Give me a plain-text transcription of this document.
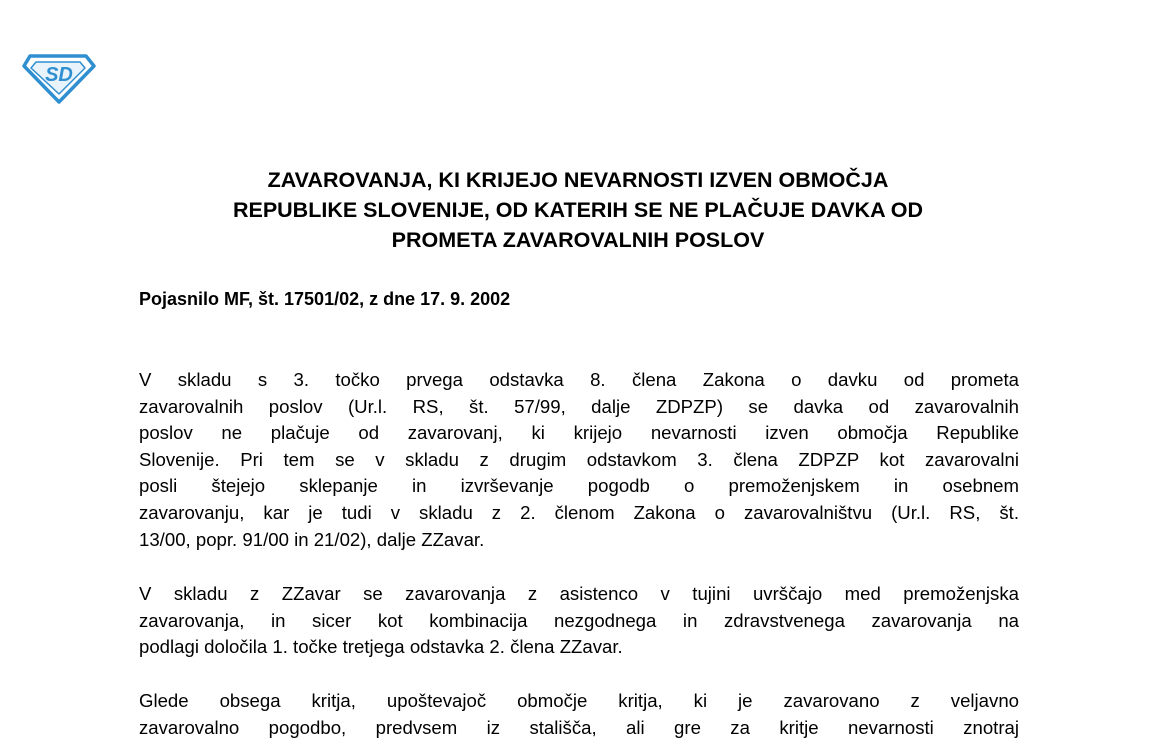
SD
ZAVAROVANJA, KI KRIJEJO NEVARNOSTI IZVEN OBMOČJA
REPUBLIKE SLOVENIJE, OD KATERIH SE NE PLAČUJE DAVKA OD
PROMETA ZAVAROVALNIH POSLOV

Pojasnilo MF, št. 17501/02, z dne 17. 9. 2002

V skladu s 3. točko prvega odstavka 8. člena Zakona o davku od prometa
zavarovalnih poslov (Ur.l. RS, št. 57/99, dalje ZDPZP) se davka od zavarovalnih
poslov ne plačuje od zavarovanj, ki krijejo nevarnosti izven območja Republike
Slovenije. Pri tem se v skladu z drugim odstavkom 3. člena ZDPZP kot zavarovalni
posli štejejo sklepanje in izvrševanje pogodb o premoženjskem in osebnem
zavarovanju, kar je tudi v skladu z 2. členom Zakona o zavarovalništvu (Ur.l. RS, št.
13/00, popr. 91/00 in 21/02), dalje ZZavar.
V skladu z ZZavar se zavarovanja z asistenco v tujini uvrščajo med premoženjska
zavarovanja, in sicer kot kombinacija nezgodnega in zdravstvenega zavarovanja na
podlagi določila 1. točke tretjega odstavka 2. člena ZZavar.
Glede obsega kritja, upoštevajoč območje kritja, ki je zavarovano z veljavno
zavarovalno pogodbo, predvsem iz stališča, ali gre za kritje nevarnosti znotraj
